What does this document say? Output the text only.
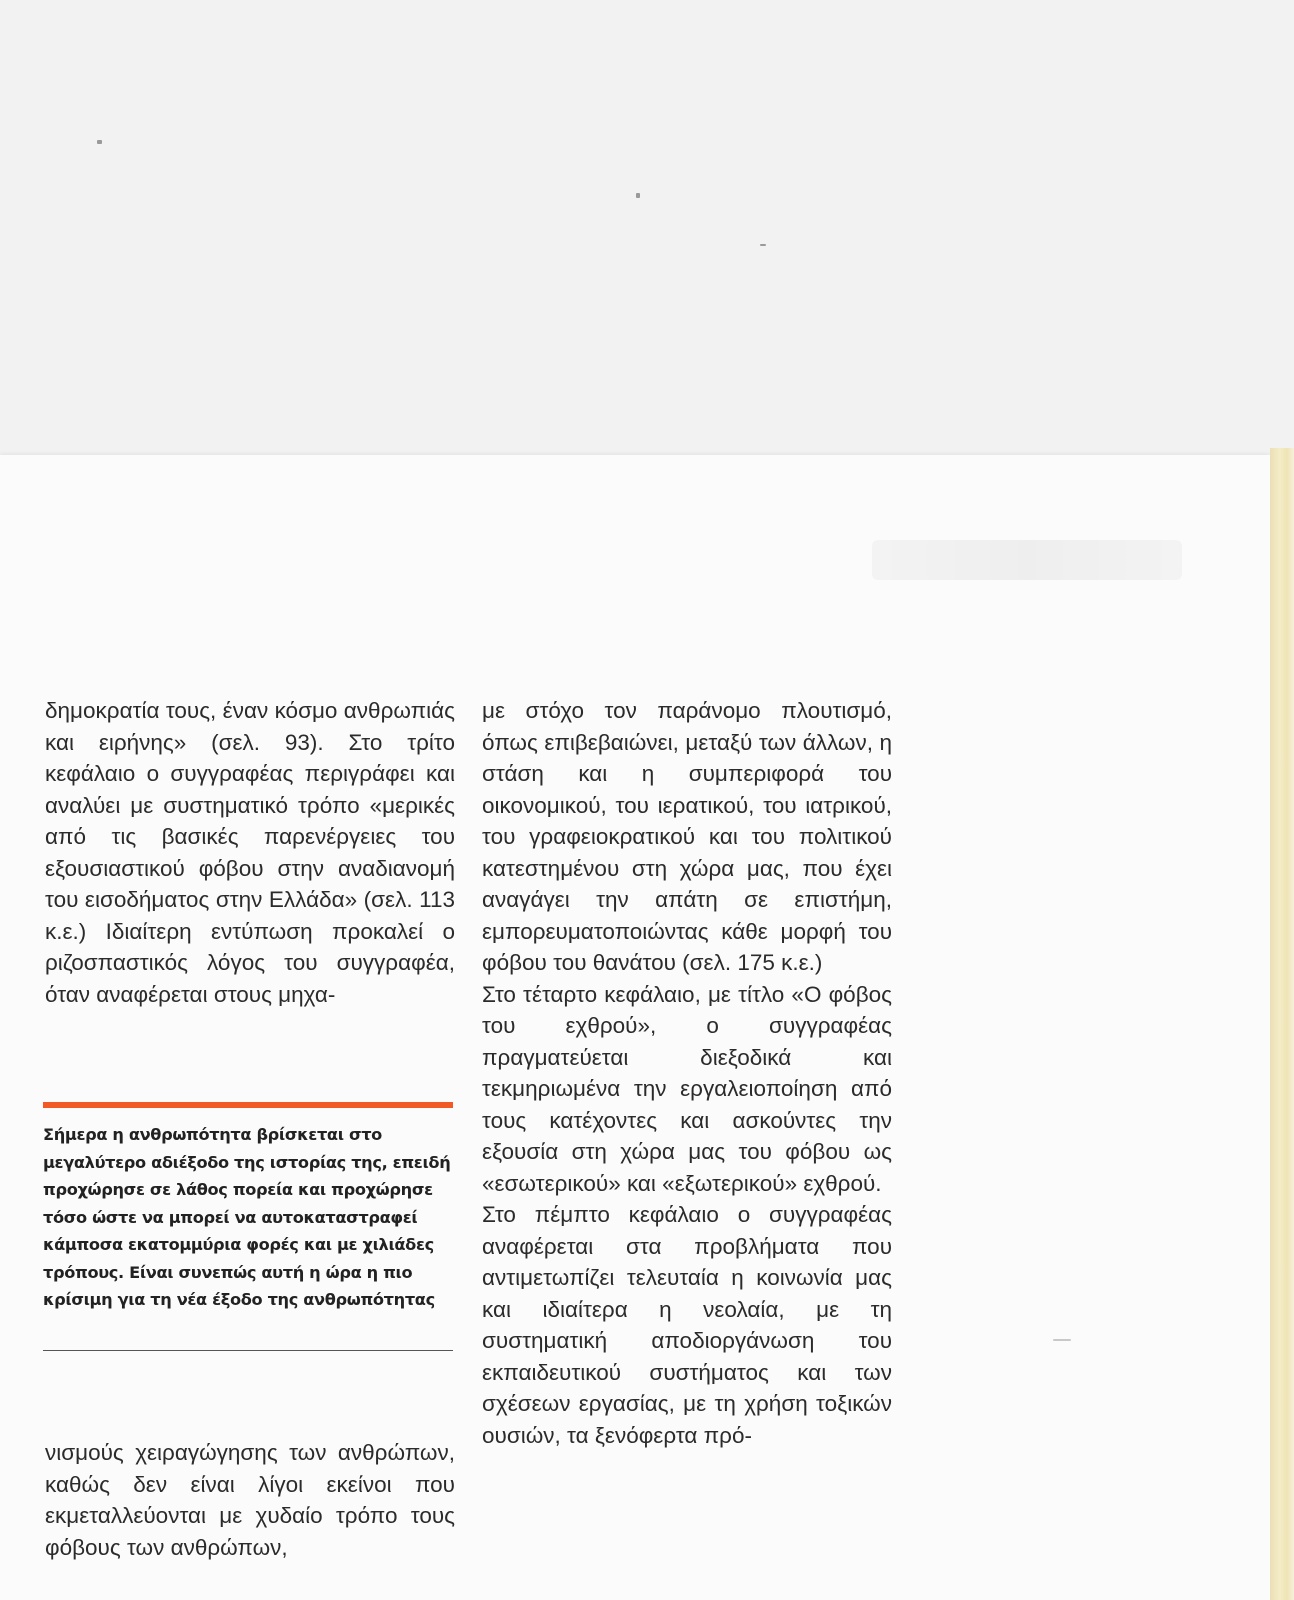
δημοκρατία τους, έναν κόσμο ανθρωπιάς και ειρήνης» (σελ. 93). Στο τρίτο κεφάλαιο ο συγγραφέας περιγράφει και αναλύει με συστηματικό τρόπο «μερικές από τις βασικές παρενέργειες του εξουσιαστικού φόβου στην αναδιανομή του εισοδήματος στην Ελλάδα» (σελ. 113 κ.ε.) Ιδιαίτερη εντύπωση προκαλεί ο ριζοσπαστικός λόγος του συγγραφέα, όταν αναφέρεται στους μηχα-

Σήμερα η ανθρωπότητα βρίσκεται στο μεγαλύτερο αδιέξοδο της ιστορίας της, επειδή προχώρησε σε λάθος πορεία και προχώρησε τόσο ώστε να μπορεί να αυτοκαταστραφεί κάμποσα εκατομμύρια φορές και με χιλιάδες τρόπους. Είναι συνεπώς αυτή η ώρα η πιο κρίσιμη για τη νέα έξοδο της ανθρωπότητας

νισμούς χειραγώγησης των ανθρώπων, καθώς δεν είναι λίγοι εκείνοι που εκμεταλλεύονται με χυδαίο τρόπο τους φόβους των ανθρώπων,

με στόχο τον παράνομο πλουτισμό, όπως επιβεβαιώνει, μεταξύ των άλλων, η στάση και η συμπεριφορά του οικονομικού, του ιερατικού, του ιατρικού, του γραφειοκρατικού και του πολιτικού κατεστημένου στη χώρα μας, που έχει αναγάγει την απάτη σε επιστήμη, εμπορευματοποιώντας κάθε μορφή του φόβου του θανάτου (σελ. 175 κ.ε.)

Στο τέταρτο κεφάλαιο, με τίτλο «Ο φόβος του εχθρού», ο συγγραφέας πραγματεύεται διεξοδικά και τεκμηριωμένα την εργαλειοποίηση από τους κατέχοντες και ασκούντες την εξουσία στη χώρα μας του φόβου ως «εσωτερικού» και «εξωτερικού» εχθρού.

Στο πέμπτο κεφάλαιο ο συγγραφέας αναφέρεται στα προβλήματα που αντιμετωπίζει τελευταία η κοινωνία μας και ιδιαίτερα η νεολαία, με τη συστηματική αποδιοργάνωση του εκπαιδευτικού συστήματος και των σχέσεων εργασίας, με τη χρήση τοξικών ουσιών, τα ξενόφερτα πρό-
